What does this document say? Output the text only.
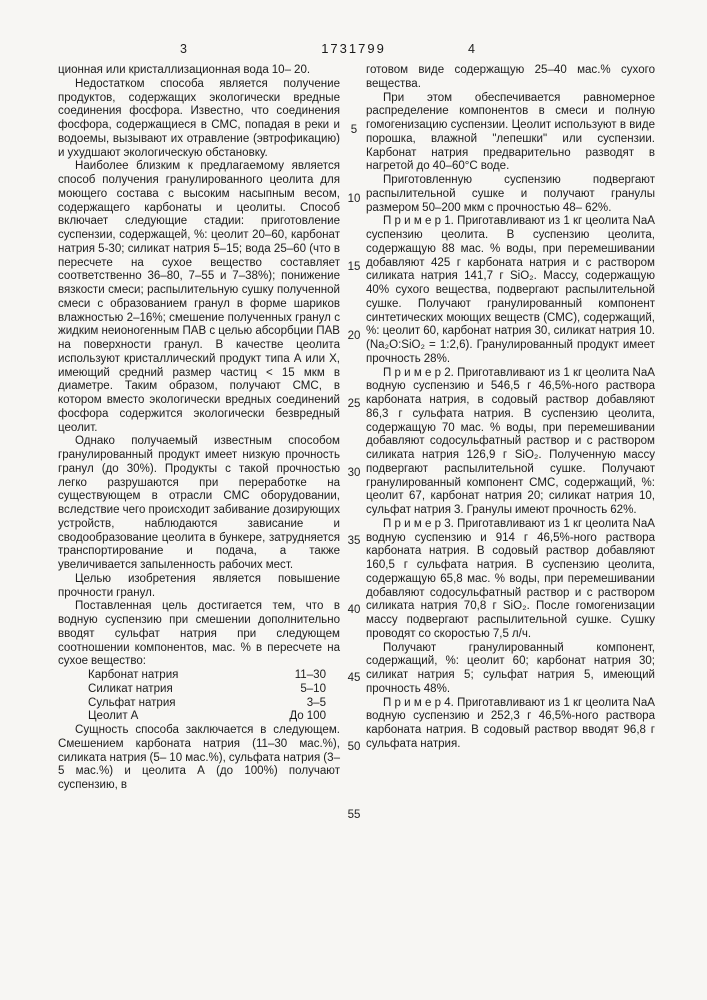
1731799
3	4

ционная или кристаллизационная вода 10– 20.

Недостатком способа является получение продуктов, содержащих экологически вредные соединения фосфора. Известно, что соединения фосфора, содержащиеся в СМС, попадая в реки и водоемы, вызывают их отравление (эвтрофикацию) и ухудшают экологическую обстановку.

Наиболее близким к предлагаемому является способ получения гранулированного цеолита для моющего состава с высоким насыпным весом, содержащего карбонаты и цеолиты. Способ включает следующие стадии: приготовление суспензии, содержащей, %: цеолит 20–60, карбонат натрия 5-30; силикат натрия 5–15; вода 25–60 (что в пересчете на сухое вещество составляет соответственно 36–80, 7–55 и 7–38%); понижение вязкости смеси; распылительную сушку полученной смеси с образованием гранул в форме шариков влажностью 2–16%; смешение полученных гранул с жидким неионогенным ПАВ с целью абсорбции ПАВ на поверхности гранул. В качестве цеолита используют кристаллический продукт типа А или X, имеющий средний размер частиц < 15 мкм в диаметре. Таким образом, получают СМС, в котором вместо экологически вредных соединений фосфора содержится экологически безвредный цеолит.

Однако получаемый известным способом гранулированный продукт имеет низкую прочность гранул (до 30%). Продукты с такой прочностью легко разрушаются при переработке на существующем в отрасли СМС оборудовании, вследствие чего происходит забивание дозирующих устройств, наблюдаются зависание и сводообразование цеолита в бункере, затрудняется транспортирование и подача, а также увеличивается запыленность рабочих мест.

Целью изобретения является повышение прочности гранул.

Поставленная цель достигается тем, что в водную суспензию при смешении дополнительно вводят сульфат натрия при следующем соотношении компонентов, мас. % в пересчете на сухое вещество:

Карбонат натрия	11–30
Силикат натрия	5–10
Сульфат натрия	3–5
Цеолит А	До 100

Сущность способа заключается в следующем. Смешением карбоната натрия (11–30 мас.%), силиката натрия (5– 10 мас.%), сульфата натрия (3–5 мас.%) и цеолита А (до 100%) получают суспензию, в

5
10
15
20
25
30
35
40
45
50
55

готовом виде содержащую 25–40 мас.% сухого вещества.

При этом обеспечивается равномерное распределение компонентов в смеси и полную гомогенизацию суспензии. Цеолит используют в виде порошка, влажной "лепешки" или суспензии. Карбонат натрия предварительно разводят в нагретой до 40–60°С воде.

Приготовленную суспензию подвергают распылительной сушке и получают гранулы размером 50–200 мкм с прочностью 48– 62%.

П р и м е р 1. Приготавливают из 1 кг цеолита NaA суспензию цеолита. В суспензию цеолита, содержащую 88 мас. % воды, при перемешивании добавляют 425 г карбоната натрия и с раствором силиката натрия 141,7 г SiO₂. Массу, содержащую 40% сухого вещества, подвергают распылительной сушке. Получают гранулированный компонент синтетических моющих веществ (СМС), содержащий, %: цеолит 60, карбонат натрия 30, силикат натрия 10. (Na₂O:SiO₂ = 1:2,6). Гранулированный продукт имеет прочность 28%.

П р и м е р 2. Приготавливают из 1 кг цеолита NaA водную суспензию и 546,5 г 46,5%-ного раствора карбоната натрия, в содовый раствор добавляют 86,3 г сульфата натрия. В суспензию цеолита, содержащую 70 мас. % воды, при перемешивании добавляют содосульфатный раствор и с раствором силиката натрия 126,9 г SiO₂. Полученную массу подвергают распылительной сушке. Получают гранулированный компонент СМС, содержащий, %: цеолит 67, карбонат натрия 20; силикат натрия 10, сульфат натрия 3. Гранулы имеют прочность 62%.

П р и м е р 3. Приготавливают из 1 кг цеолита NaA водную суспензию и 914 г 46,5%-ного раствора карбоната натрия. В содовый раствор добавляют 160,5 г сульфата натрия. В суспензию цеолита, содержащую 65,8 мас. % воды, при перемешивании добавляют содосульфатный раствор и с раствором силиката натрия 70,8 г SiO₂. После гомогенизации массу подвергают распылительной сушке. Сушку проводят со скоростью 7,5 л/ч.

Получают гранулированный компонент, содержащий, %: цеолит 60; карбонат натрия 30; силикат натрия 5; сульфат натрия 5, имеющий прочность 48%.

П р и м е р 4. Приготавливают из 1 кг цеолита NaA водную суспензию и 252,3 г 46,5%-ного раствора карбоната натрия. В содовый раствор вводят 96,8 г сульфата натрия.
